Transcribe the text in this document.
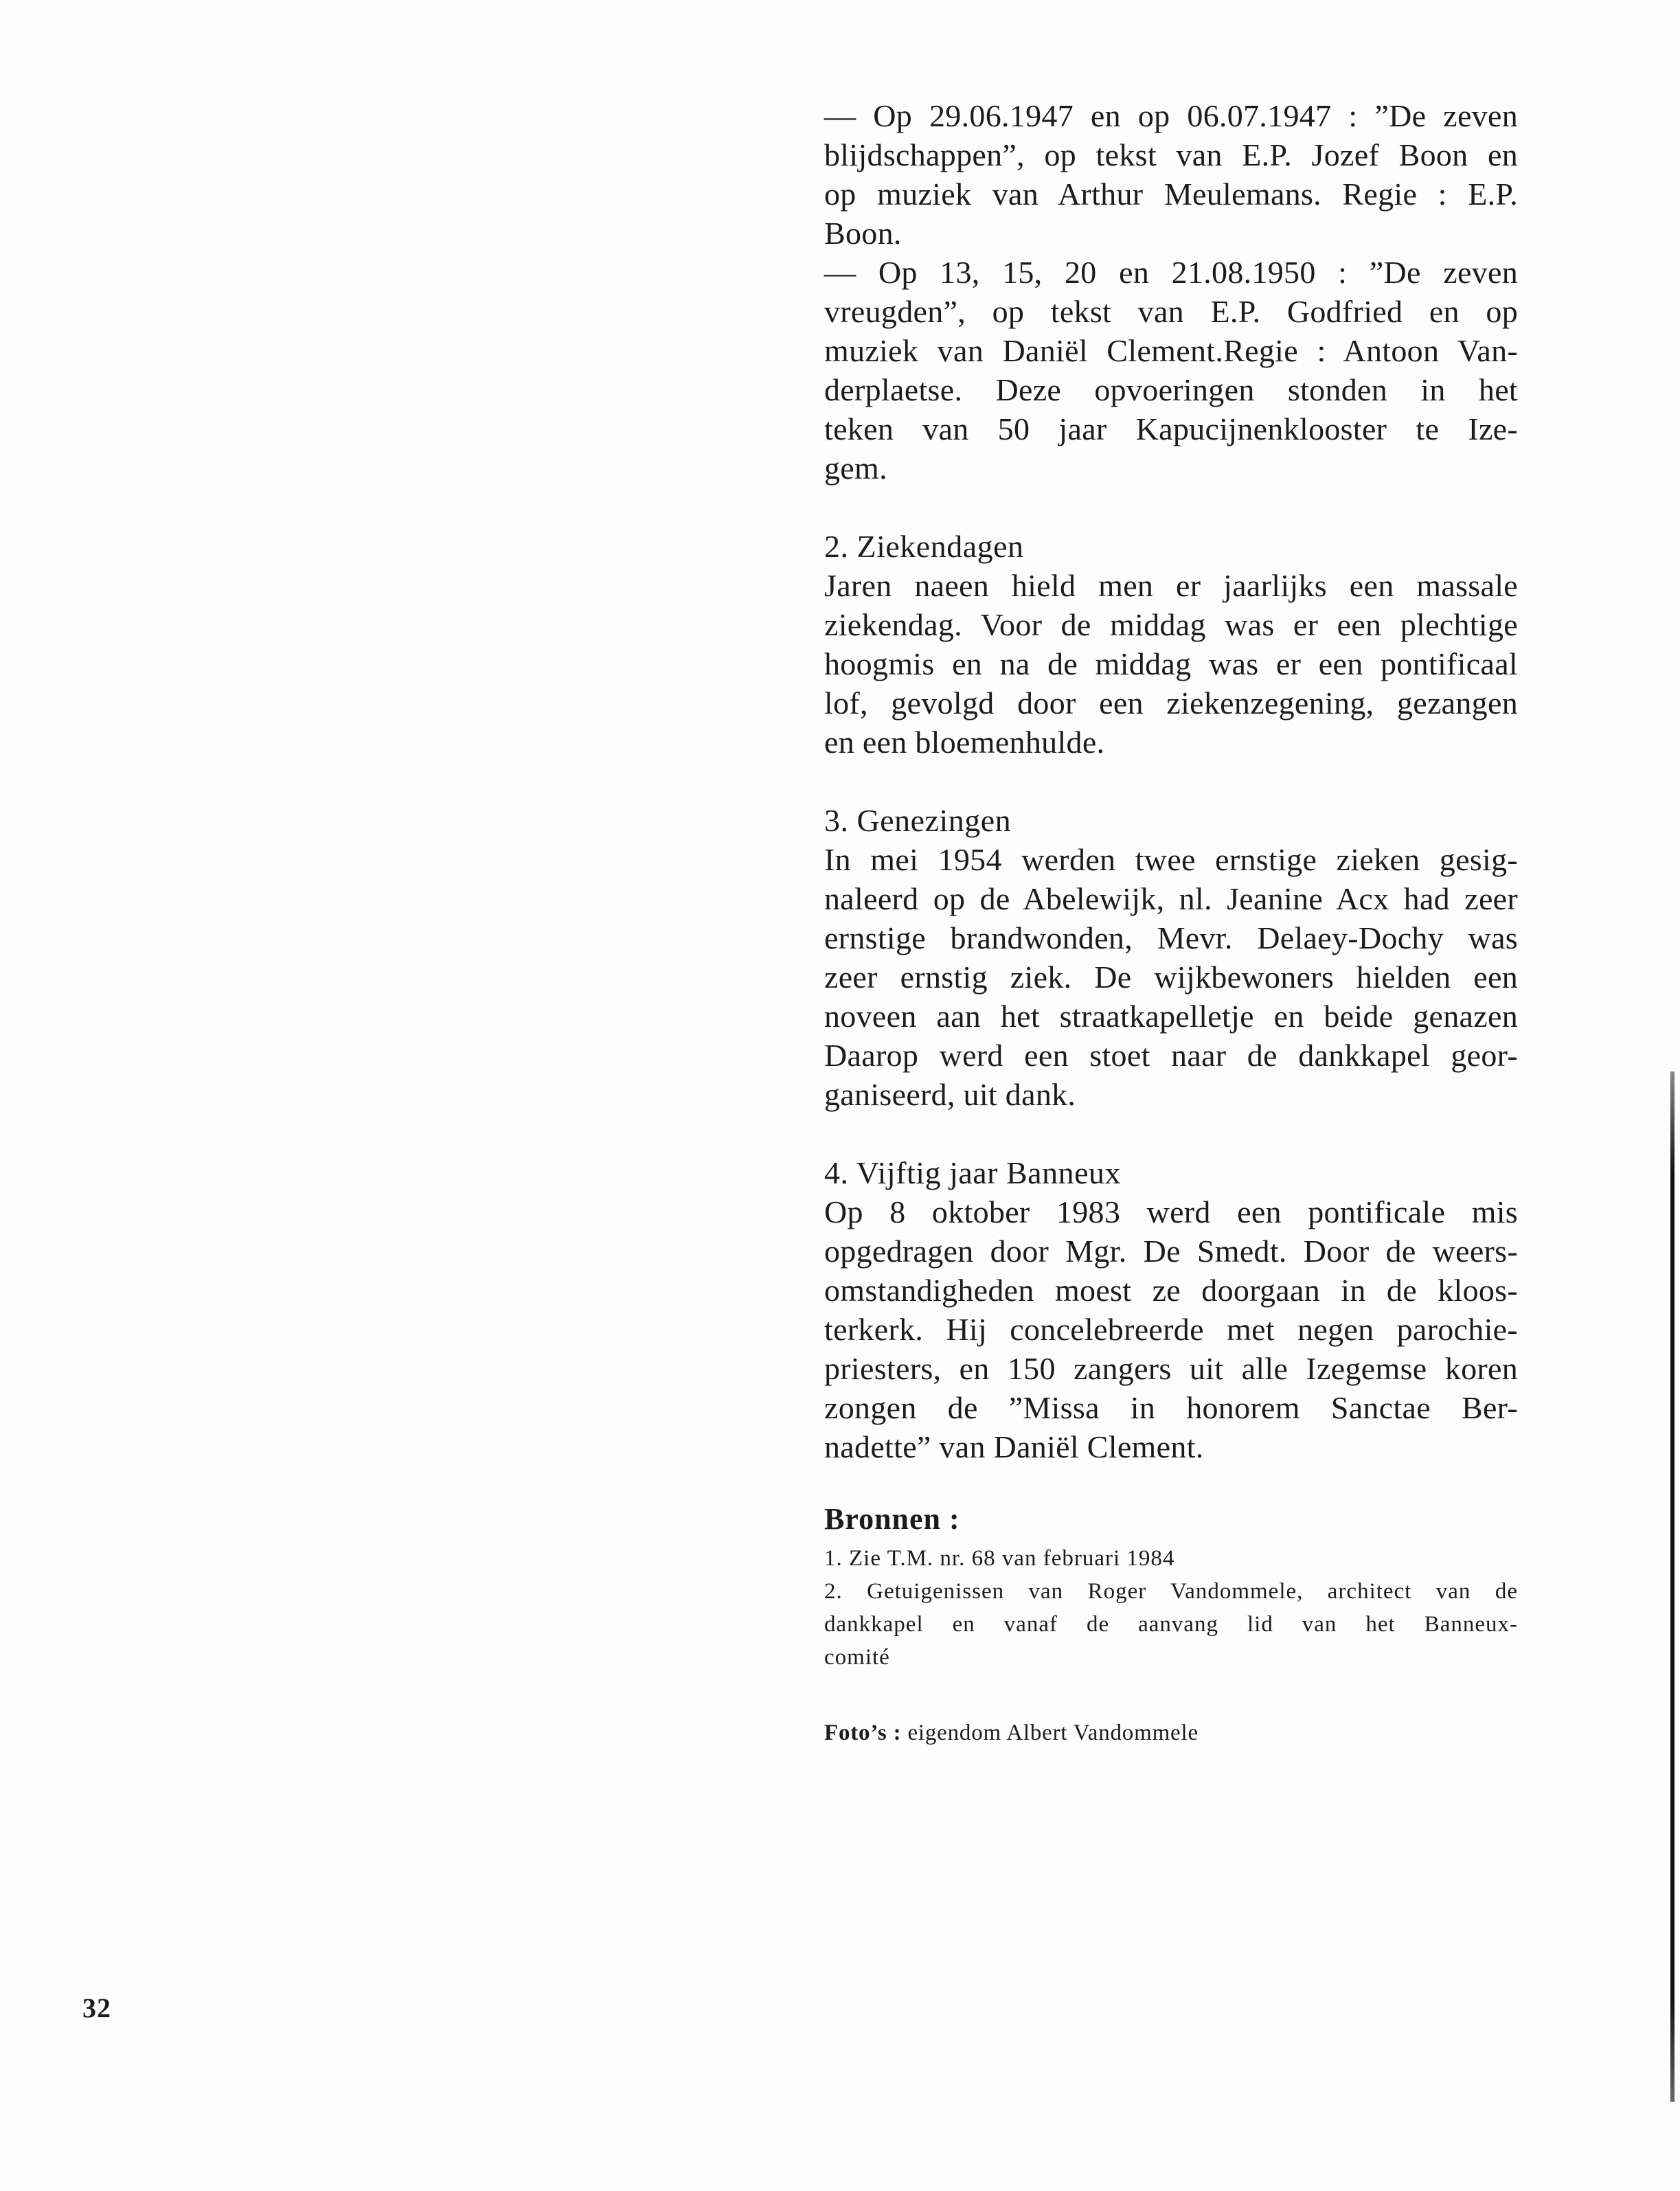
— Op 29.06.1947 en op 06.07.1947 : ”De zeven
blijdschappen”, op tekst van E.P. Jozef Boon en
op muziek van Arthur Meulemans. Regie : E.P.
Boon.
— Op 13, 15, 20 en 21.08.1950 : ”De zeven
vreugden”, op tekst van E.P. Godfried en op
muziek van Daniël Clement.Regie : Antoon Van-
derplaetse. Deze opvoeringen stonden in het
teken van 50 jaar Kapucijnenklooster te Ize-
gem.

2. Ziekendagen

Jaren naeen hield men er jaarlijks een massale
ziekendag. Voor de middag was er een plechtige
hoogmis en na de middag was er een pontificaal
lof, gevolgd door een ziekenzegening, gezangen
en een bloemenhulde.

3. Genezingen

In mei 1954 werden twee ernstige zieken gesig-
naleerd op de Abelewijk, nl. Jeanine Acx had zeer
ernstige brandwonden, Mevr. Delaey-Dochy was
zeer ernstig ziek. De wijkbewoners hielden een
noveen aan het straatkapelletje en beide genazen
Daarop werd een stoet naar de dankkapel geor-
ganiseerd, uit dank.

4. Vijftig jaar Banneux

Op 8 oktober 1983 werd een pontificale mis
opgedragen door Mgr. De Smedt. Door de weers-
omstandigheden moest ze doorgaan in de kloos-
terkerk. Hij concelebreerde met negen parochie-
priesters, en 150 zangers uit alle Izegemse koren
zongen de ”Missa in honorem Sanctae Ber-
nadette” van Daniël Clement.

Bronnen :

1. Zie T.M. nr. 68 van februari 1984

2. Getuigenissen van Roger Vandommele, architect van de

dankkapel en vanaf de aanvang lid van het Banneux-

comité

Foto’s : eigendom Albert Vandommele
32
